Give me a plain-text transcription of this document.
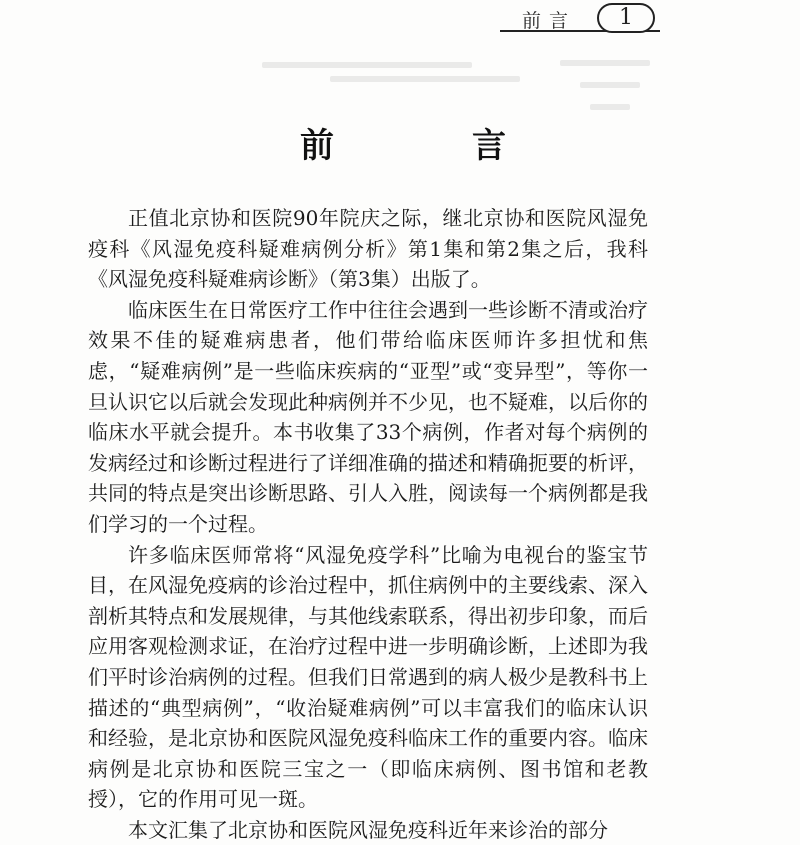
前言	1
前　言

正值北京协和医院90年院庆之际，继北京协和医院风湿免疫科《风湿免疫科疑难病例分析》第1集和第2集之后，我科《风湿免疫科疑难病诊断》（第3集）出版了。

临床医生在日常医疗工作中往往会遇到一些诊断不清或治疗效果不佳的疑难病患者，他们带给临床医师许多担忧和焦虑，“疑难病例”是一些临床疾病的“亚型”或“变异型”，等你一旦认识它以后就会发现此种病例并不少见，也不疑难，以后你的临床水平就会提升。本书收集了33个病例，作者对每个病例的发病经过和诊断过程进行了详细准确的描述和精确扼要的析评，共同的特点是突出诊断思路、引人入胜，阅读每一个病例都是我们学习的一个过程。

许多临床医师常将“风湿免疫学科”比喻为电视台的鉴宝节目，在风湿免疫病的诊治过程中，抓住病例中的主要线索、深入剖析其特点和发展规律，与其他线索联系，得出初步印象，而后应用客观检测求证，在治疗过程中进一步明确诊断，上述即为我们平时诊治病例的过程。但我们日常遇到的病人极少是教科书上描述的“典型病例”，“收治疑难病例”可以丰富我们的临床认识和经验，是北京协和医院风湿免疫科临床工作的重要内容。临床病例是北京协和医院三宝之一（即临床病例、图书馆和老教授），它的作用可见一斑。

本文汇集了北京协和医院风湿免疫科近年来诊治的部分
